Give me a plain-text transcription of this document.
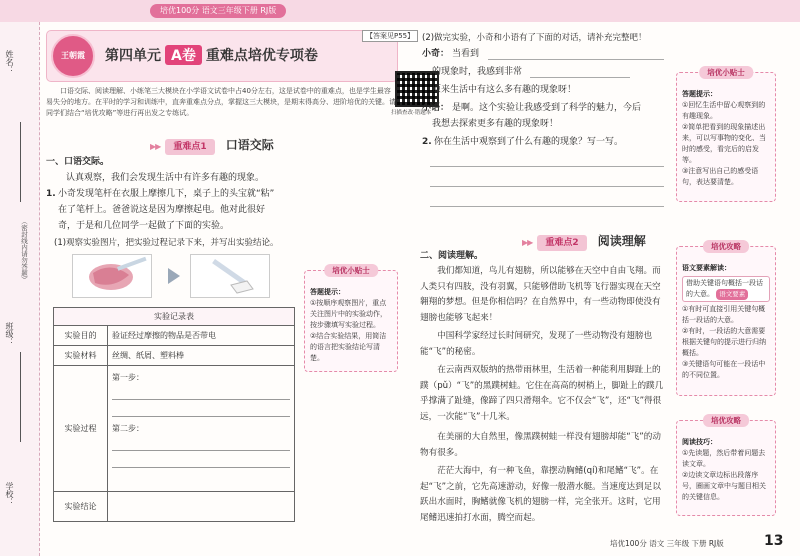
培优100分 语文三年级下册 RJ版
姓名：
（密封线内请勿答题）
班级：
学校：
王朝霞	第四单元 A卷 重难点培优专项卷
扫描查改·错题本
【答案见P55】
口语交际、阅读理解、小练笔三大模块在小学语文试卷中占40分左右，这是试卷中的重难点，也是学生最容易失分的地方。在平时的学习和训练中，直奔重难点分点，掌握这三大模块，是期末得高分、进阶培优的关键。请同学们结合“培优攻略”等进行再出发之专练试。
▶▶ 重难点1 口语交际
一、口语交际。
认真观察，我们会发现生活中有许多有趣的现象。
1. 小奇发现笔杆在衣服上摩擦几下，桌子上的头宝就“粘”
在了笔杆上。爸爸说这是因为摩擦起电。他对此很好
奇，于是和几位同学一起做了下面的实验。
(1)观察实验图片，把实验过程记录下来，并写出实验结论。
实验记录表	
实验目的	验证经过摩擦的物品是否带电
实验材料	丝绸、纸屑、塑料棒
实验过程	第一步：
第二步：

实验结论	
培优小贴士
答题提示：
①按顺序观察图片，重点关注图片中的实验动作，按步骤填写实验过程。
②结合实验结果，用简洁的语言把实验结论写清楚。
(2)做完实验，小奇和小语有了下面的对话，请补充完整吧！
小奇： 当看到
的现象时，我感到非常
原来生活中有这么多有趣的现象呀！
小语： 是啊。这个实验让我感受到了科学的魅力，今后
我想去探索更多有趣的现象呀！
2. 你在生活中观察到了什么有趣的现象？写一写。
培优小贴士
答题提示：
①回忆生活中留心观察到的有趣现象。
②简单把看到的现象描述出来，可以写事物的变化、当时的感受，看完后的启发等。
③注意写出自己的感受语句，表达要清楚。
▶▶ 重难点2 阅读理解
二、阅读理解。
我们都知道，鸟儿有翅膀，所以能够在天空中自由飞翔。而人类只有四肢，没有羽翼，只能够借助飞机等飞行器实现在天空翱翔的梦想。但是你相信吗？在自然界中，有一些动物即使没有翅膀也能够飞起来！
中国科学家经过长时间研究，发现了一些动物没有翅膀也能“飞”的秘密。
在云南西双版纳的热带雨林里，生活着一种能利用脚趾上的蹼（pǔ）“飞”的黑蹼树蛙。它住在高高的树梢上，脚趾上的蹼几乎撑满了趾缝，像蹄了四只滑翔伞。它不仅会“飞”，还“飞”得很远，一次能“飞”十几米。
在美丽的大自然里，像黑蹼树蛙一样没有翅膀却能“飞”的动物有很多。
茫茫大海中，有一种飞鱼，靠摆动胸鳍(qí)和尾鳍“飞”。在起“飞”之前，它先高速游动，好像一般潜水艇。当速度达到足以跃出水面时，胸鳍就像飞机的翅膀一样，完全张开。这时，它用尾鳍迅速拍打水面，腾空而起。
培优攻略
语文要素解读：
借助关键语句概括一段话的大意。 语文要素
①有时可直接引用关键句概括一段话的大意。
②有时，一段话的大意需要根据关键句的提示进行归纳概括。
③关键语句可能在一段话中的不同位置。
培优攻略
阅读技巧：
①先读题，然后带着问题去读文章。
②边读文章边标出段落序号，圈画文章中与题目相关的关键信息。
培优100分 语文 三年级 下册 RJ版	13
